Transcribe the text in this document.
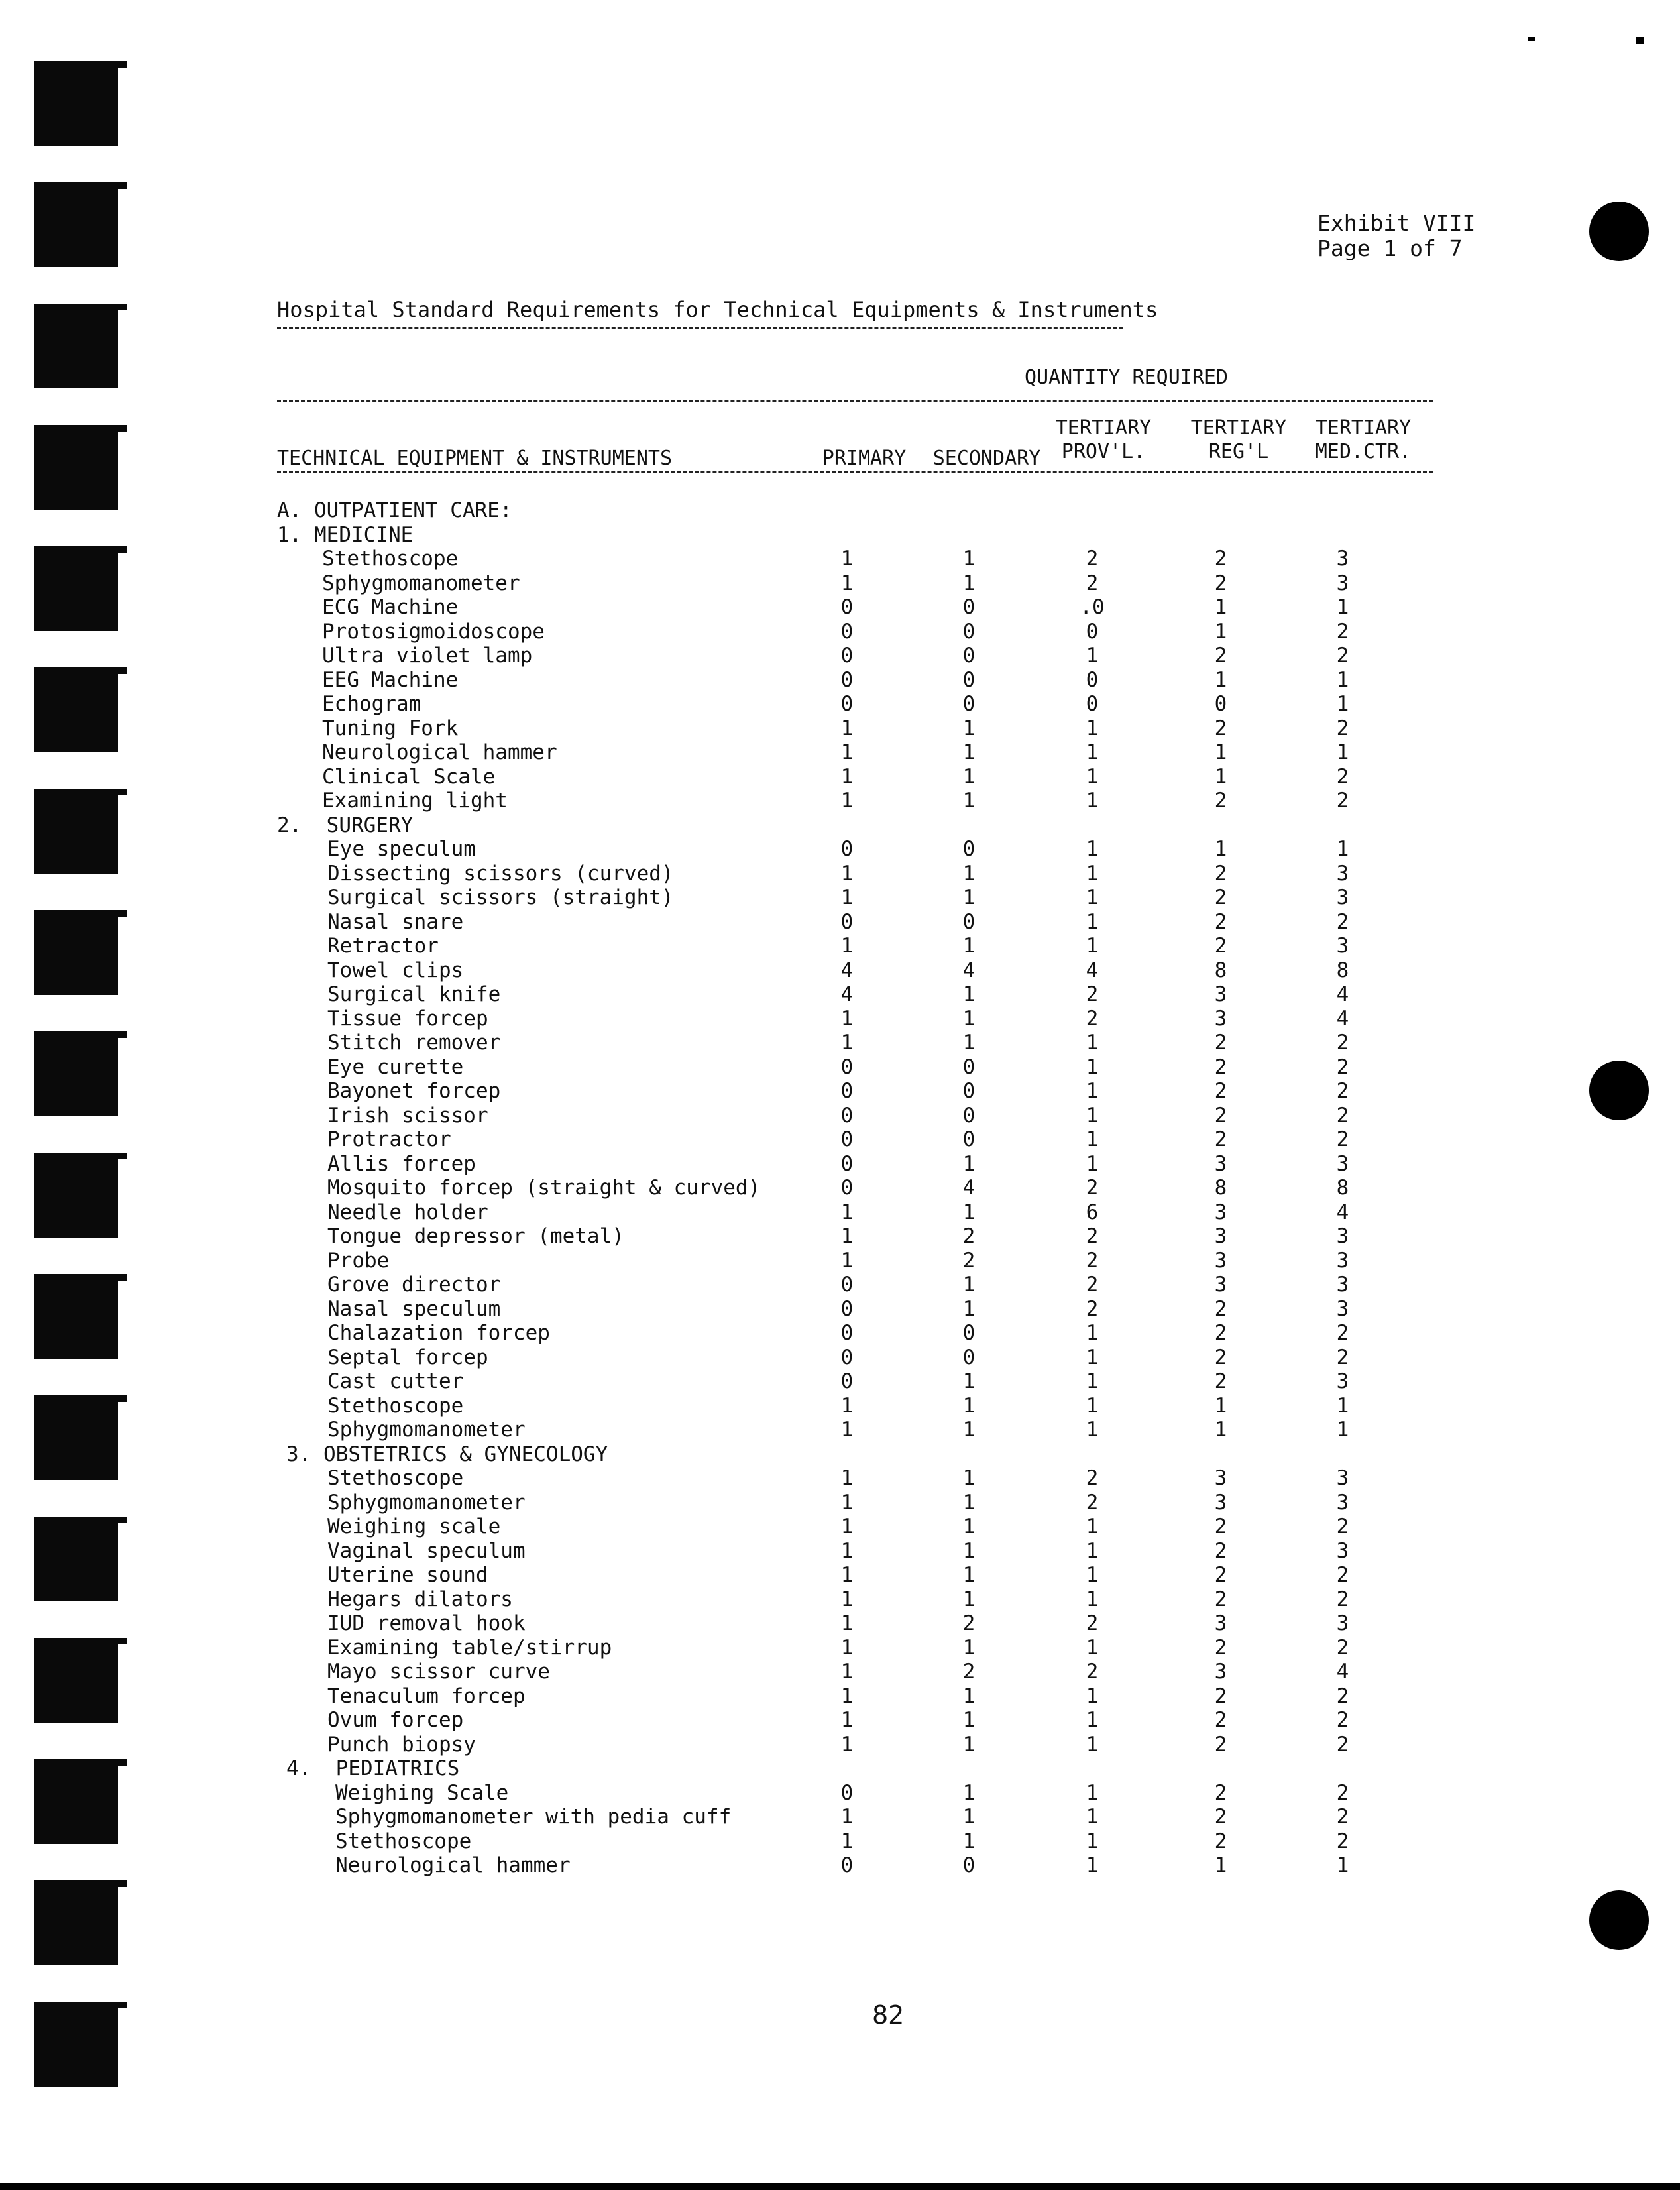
Exhibit VIII
Page 1 of 7
Hospital Standard Requirements for Technical Equipments & Instruments
QUANTITY REQUIRED
TECHNICAL EQUIPMENT & INSTRUMENTS	PRIMARY SECONDARY
TERTIARY
PROV'L.
TERTIARY
REG'L
TERTIARY
MED.CTR.
A. OUTPATIENT CARE:
1. MEDICINE
Stethoscope	1	1	2	2	3
Sphygmomanometer	1	1	2	2	3
ECG Machine	0	0	.0	1	1
Protosigmoidoscope	0	0	0	1	2
Ultra violet lamp	0	0	1	2	2
EEG Machine	0	0	0	1	1
Echogram	0	0	0	0	1
Tuning Fork	1	1	1	2	2
Neurological hammer	1	1	1	1	1
Clinical Scale	1	1	1	1	2
Examining light	1	1	1	2	2
2.  SURGERY
Eye speculum	0	0	1	1	1
Dissecting scissors (curved)	1	1	1	2	3
Surgical scissors (straight)	1	1	1	2	3
Nasal snare	0	0	1	2	2
Retractor	1	1	1	2	3
Towel clips	4	4	4	8	8
Surgical knife	4	1	2	3	4
Tissue forcep	1	1	2	3	4
Stitch remover	1	1	1	2	2
Eye curette	0	0	1	2	2
Bayonet forcep	0	0	1	2	2
Irish scissor	0	0	1	2	2
Protractor	0	0	1	2	2
Allis forcep	0	1	1	3	3
Mosquito forcep (straight & curved)	0	4	2	8	8
Needle holder	1	1	6	3	4
Tongue depressor (metal)	1	2	2	3	3
Probe	1	2	2	3	3
Grove director	0	1	2	3	3
Nasal speculum	0	1	2	2	3
Chalazation forcep	0	0	1	2	2
Septal forcep	0	0	1	2	2
Cast cutter	0	1	1	2	3
Stethoscope	1	1	1	1	1
Sphygmomanometer	1	1	1	1	1
3. OBSTETRICS & GYNECOLOGY
Stethoscope	1	1	2	3	3
Sphygmomanometer	1	1	2	3	3
Weighing scale	1	1	1	2	2
Vaginal speculum	1	1	1	2	3
Uterine sound	1	1	1	2	2
Hegars dilators	1	1	1	2	2
IUD removal hook	1	2	2	3	3
Examining table/stirrup	1	1	1	2	2
Mayo scissor curve	1	2	2	3	4
Tenaculum forcep	1	1	1	2	2
Ovum forcep	1	1	1	2	2
Punch biopsy	1	1	1	2	2
4.  PEDIATRICS
Weighing Scale	0	1	1	2	2
Sphygmomanometer with pedia cuff	1	1	1	2	2
Stethoscope	1	1	1	2	2
Neurological hammer	0	0	1	1	1
82
